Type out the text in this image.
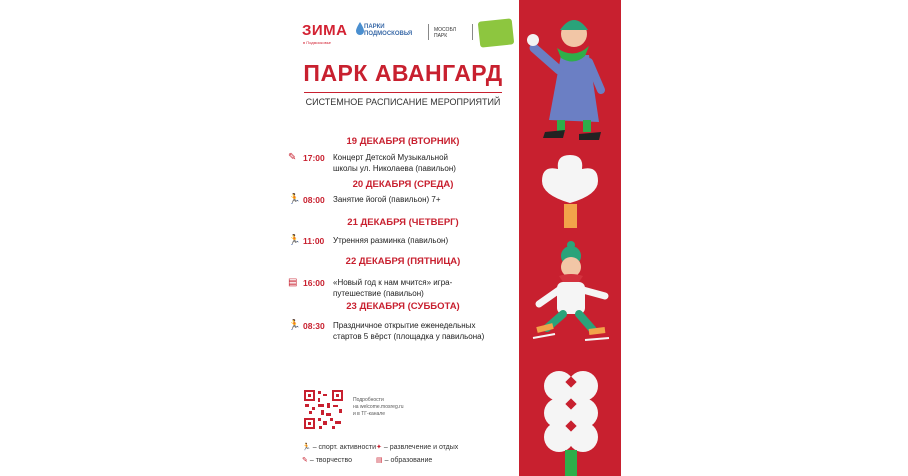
ЗИМА
в Подмосковье
ПАРКИ
ПОДМОСКОВЬЯ
МОСОБЛ
ПАРК
ПАРК АВАНГАРД
СИСТЕМНОЕ РАСПИСАНИЕ МЕРОПРИЯТИЙ
19 ДЕКАБРЯ (ВТОРНИК)
✎ 17:00 Концерт Детской Музыкальной
школы ул. Николаева (павильон)
20 ДЕКАБРЯ (СРЕДА)
🏃 08:00 Занятие йогой (павильон) 7+
21 ДЕКАБРЯ (ЧЕТВЕРГ)
🏃 11:00 Утренняя разминка (павильон)
22 ДЕКАБРЯ (ПЯТНИЦА)
▤ 16:00 «Новый год к нам мчится» игра-
путешествие (павильон)
23 ДЕКАБРЯ (СУББОТА)
🏃 08:30 Праздничное открытие еженедельных
стартов 5 вёрст (площадка у павильона)
Подробности
на welcome.mosreg.ru
и в ТГ-канале
🏃 – спорт. активности ✦ – развлечение и отдых
✎ – творчество	▤ – образование
